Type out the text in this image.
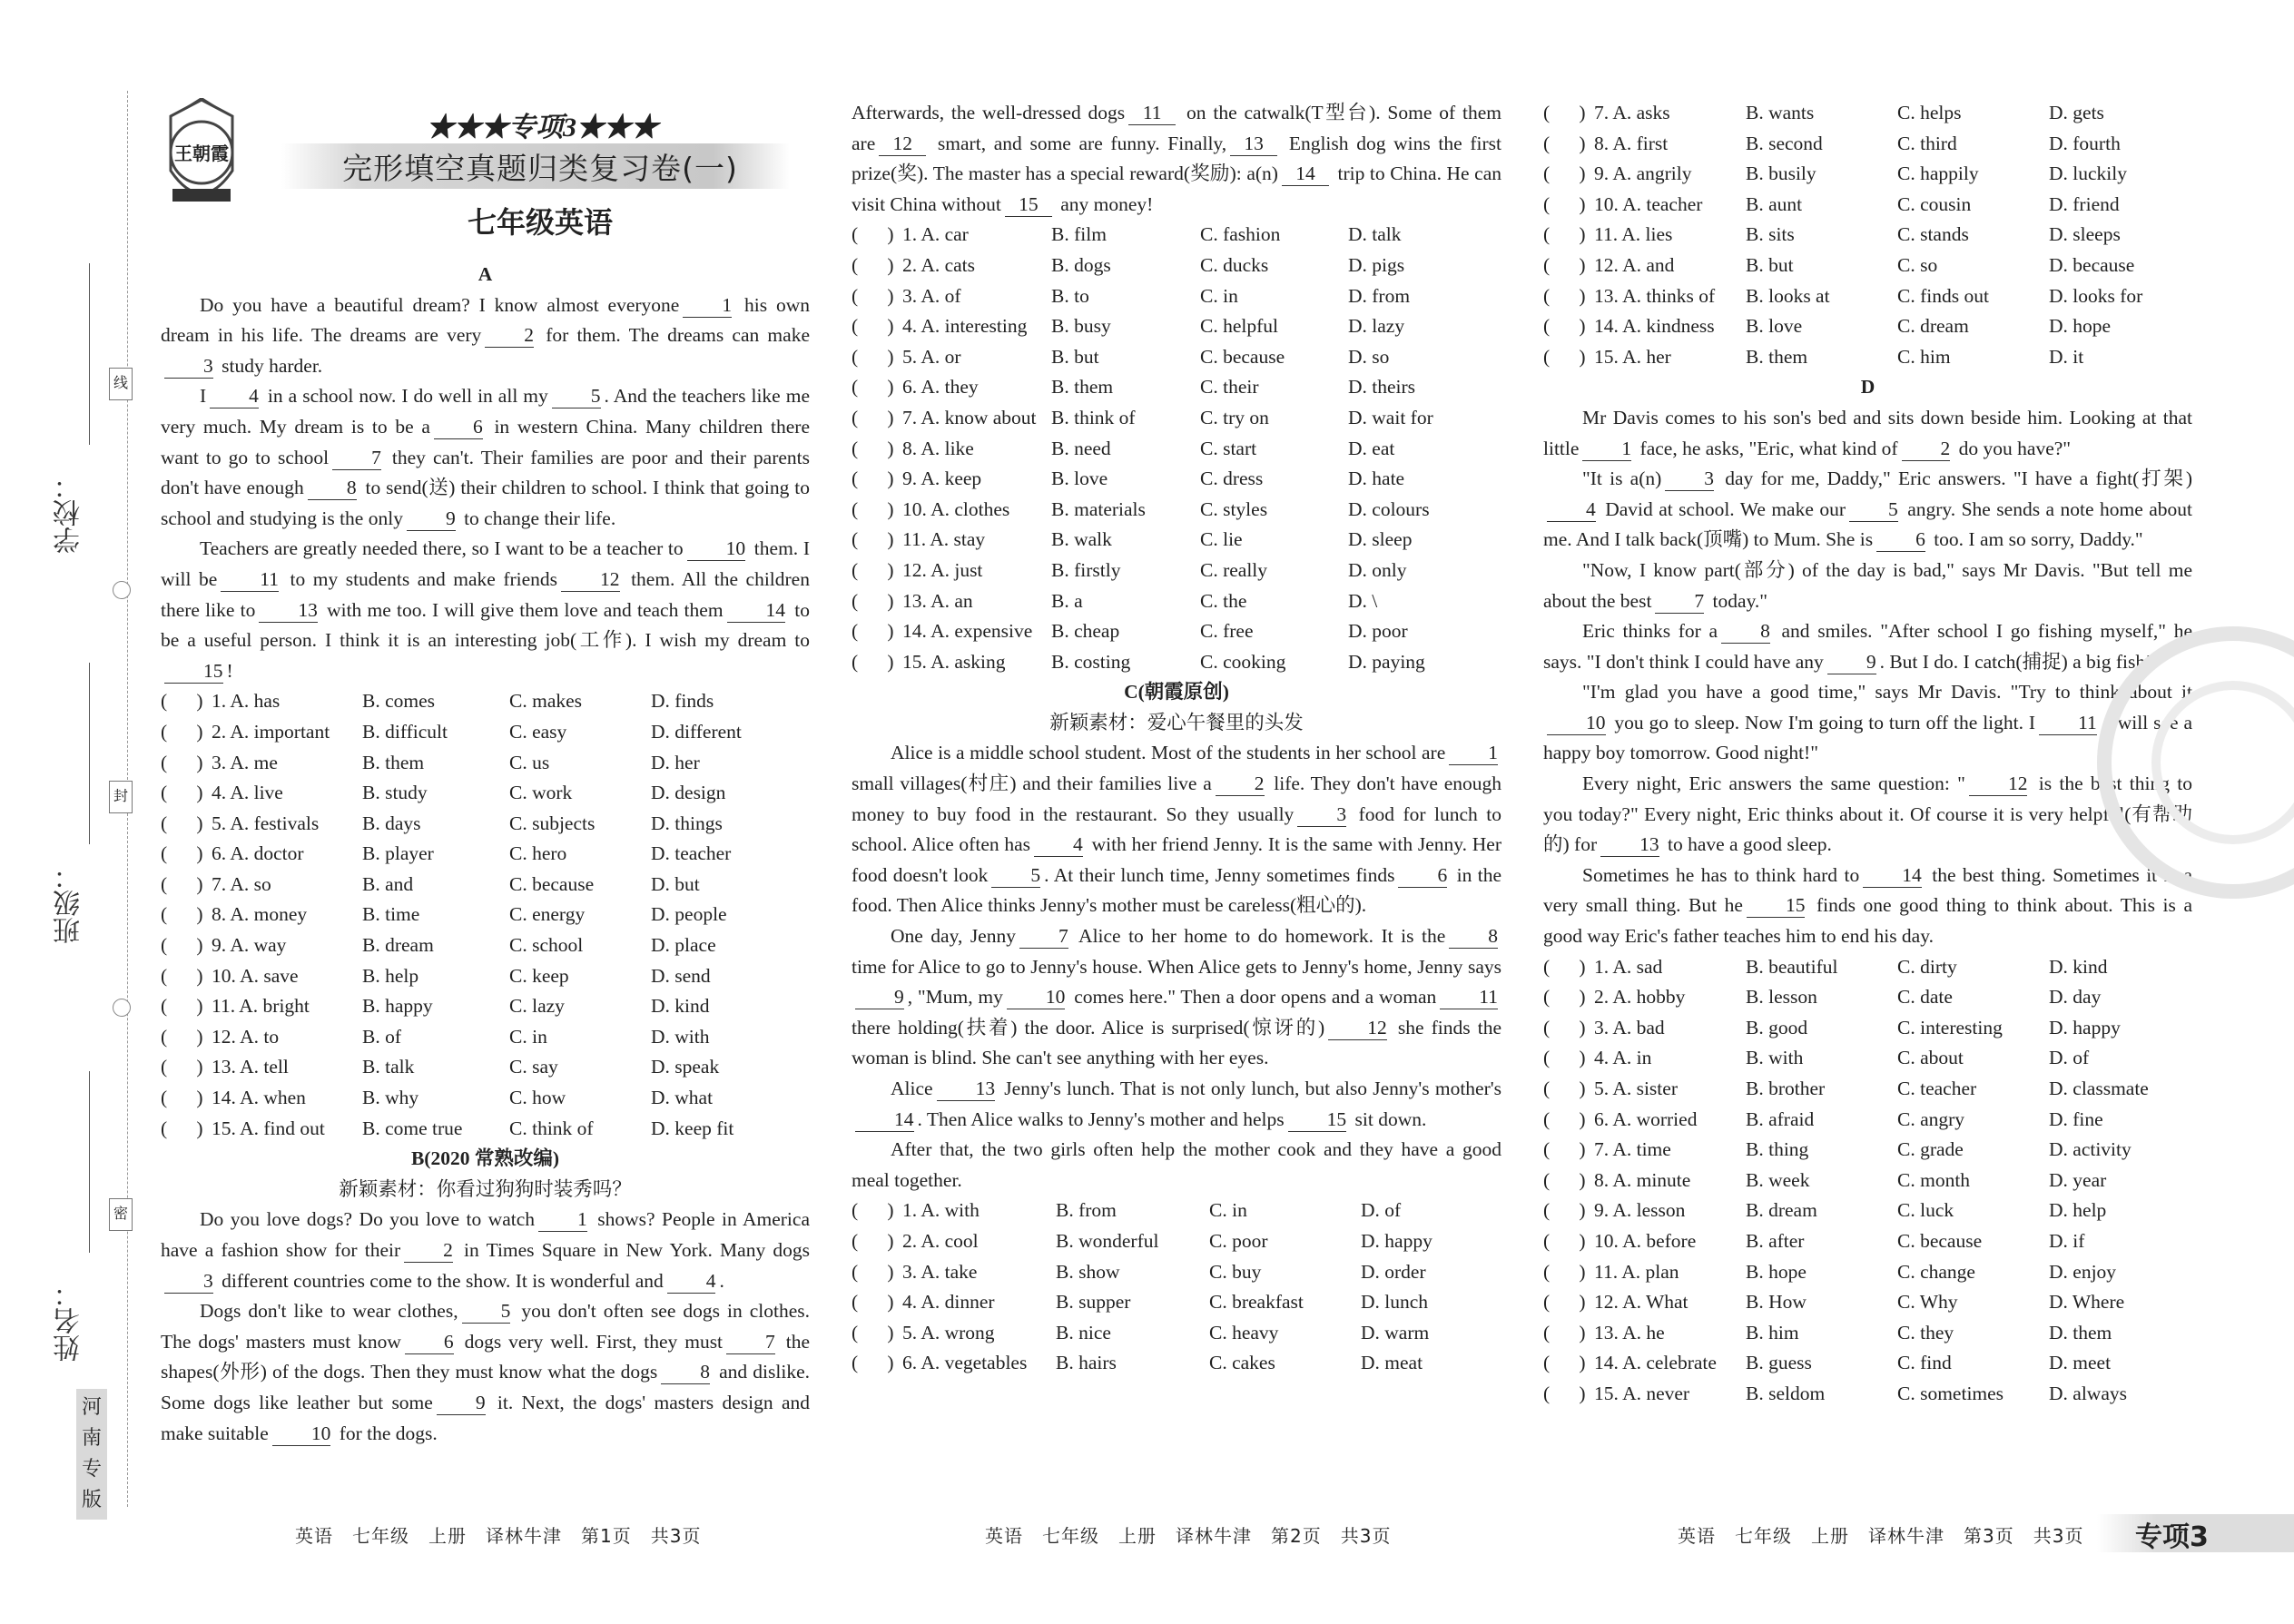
学校：
班级：
姓名：
线
封
密
河南专版
王朝霞
★★★专项3★★★
完形填空真题归类复习卷(一)
七年级英语

A

Do you have a beautiful dream? I know almost everyone 1 his own dream in his life. The dreams are very 2 for them. The dreams can make3 study harder.

I 4 in a school now. I do well in all my 5 . And the teachers like me very much. My dream is to be a 6 in western China. Many children there want to go to school 7 they can't. Their families are poor and their parents don't have enough 8 to send(送) their children to school. I think that going to school and studying is the only 9 to change their life.

Teachers are greatly needed there, so I want to be a teacher to 10 them. I will be 11 to my students and make friends 12 them. All the children there like to 13 with me too. I will give them love and teach them 14 to be a useful person. I think it is an interesting job(工作). I wish my dream to15 !

(      ) 1. A. has	B. comes	C. makes	D. finds
(      ) 2. A. important	B. difficult	C. easy	D. different
(      ) 3. A. me	B. them	C. us	D. her
(      ) 4. A. live	B. study	C. work	D. design
(      ) 5. A. festivals	B. days	C. subjects	D. things
(      ) 6. A. doctor	B. player	C. hero	D. teacher
(      ) 7. A. so	B. and	C. because	D. but
(      ) 8. A. money	B. time	C. energy	D. people
(      ) 9. A. way	B. dream	C. school	D. place
(      ) 10. A. save	B. help	C. keep	D. send
(      ) 11. A. bright	B. happy	C. lazy	D. kind
(      ) 12. A. to	B. of	C. in	D. with
(      ) 13. A. tell	B. talk	C. say	D. speak
(      ) 14. A. when	B. why	C. how	D. what
(      ) 15. A. find out	B. come true	C. think of	D. keep fit

B(2020 常熟改编)

新颖素材：你看过狗狗时装秀吗？

Do you love dogs? Do you love to watch 1 shows? People in America have a fashion show for their 2 in Times Square in New York. Many dogs3 different countries come to the show. It is wonderful and 4 .

Dogs don't like to wear clothes, 5 you don't often see dogs in clothes. The dogs' masters must know 6 dogs very well. First, they must 7 the shapes(外形) of the dogs. Then they must know what the dogs 8 and dislike. Some dogs like leather but some 9 it. Next, the dogs' masters design and make suitable 10 for the dogs.

Afterwards, the well-dressed dogs 11 on the catwalk(T型台). Some of them are 12 smart, and some are funny. Finally, 13 English dog wins the first prize(奖). The master has a special reward(奖励): a(n) 14 trip to China. He can visit China without 15 any money!

(      ) 1. A. car	B. film	C. fashion	D. talk
(      ) 2. A. cats	B. dogs	C. ducks	D. pigs
(      ) 3. A. of	B. to	C. in	D. from
(      ) 4. A. interesting	B. busy	C. helpful	D. lazy
(      ) 5. A. or	B. but	C. because	D. so
(      ) 6. A. they	B. them	C. their	D. theirs
(      ) 7. A. know about B. think of	C. try on	D. wait for
(      ) 8. A. like	B. need	C. start	D. eat
(      ) 9. A. keep	B. love	C. dress	D. hate
(      ) 10. A. clothes	B. materials	C. styles	D. colours
(      ) 11. A. stay	B. walk	C. lie	D. sleep
(      ) 12. A. just	B. firstly	C. really	D. only
(      ) 13. A. an	B. a	C. the	D. \
(      ) 14. A. expensive B. cheap	C. free	D. poor
(      ) 15. A. asking	B. costing	C. cooking	D. paying

C(朝霞原创)

新颖素材：爱心午餐里的头发

Alice is a middle school student. Most of the students in her school are 1 small villages(村庄) and their families live a 2 life. They don't have enough money to buy food in the restaurant. So they usually 3 food for lunch to school. Alice often has 4 with her friend Jenny. It is the same with Jenny. Her food doesn't look 5 . At their lunch time, Jenny sometimes finds 6 in the food. Then Alice thinks Jenny's mother must be careless(粗心的).

One day, Jenny 7 Alice to her home to do homework. It is the 8 time for Alice to go to Jenny's house. When Alice gets to Jenny's home, Jenny says9 , "Mum, my 10 comes here." Then a door opens and a woman 11 there holding(扶着) the door. Alice is surprised(惊讶的) 12 she finds the woman is blind. She can't see anything with her eyes.

Alice 13 Jenny's lunch. That is not only lunch, but also Jenny's mother's14 . Then Alice walks to Jenny's mother and helps 15 sit down.

After that, the two girls often help the mother cook and they have a good meal together.

(      ) 1. A. with	B. from	C. in	D. of
(      ) 2. A. cool	B. wonderful	C. poor	D. happy
(      ) 3. A. take	B. show	C. buy	D. order
(      ) 4. A. dinner	B. supper	C. breakfast	D. lunch
(      ) 5. A. wrong	B. nice	C. heavy	D. warm
(      ) 6. A. vegetables	B. hairs	C. cakes	D. meat
(      ) 7. A. asks	B. wants	C. helps	D. gets
(      ) 8. A. first	B. second	C. third	D. fourth
(      ) 9. A. angrily	B. busily	C. happily	D. luckily
(      ) 10. A. teacher	B. aunt	C. cousin	D. friend
(      ) 11. A. lies	B. sits	C. stands	D. sleeps
(      ) 12. A. and	B. but	C. so	D. because
(      ) 13. A. thinks of	B. looks at	C. finds out	D. looks for
(      ) 14. A. kindness	B. love	C. dream	D. hope
(      ) 15. A. her	B. them	C. him	D. it

D

Mr Davis comes to his son's bed and sits down beside him. Looking at that little 1 face, he asks, "Eric, what kind of 2 do you have?"

"It is a(n) 3 day for me, Daddy," Eric answers. "I have a fight(打架)4 David at school. We make our 5 angry. She sends a note home about me. And I talk back(顶嘴) to Mum. She is 6 too. I am so sorry, Daddy."

"Now, I know part(部分) of the day is bad," says Mr Davis. "But tell me about the best 7 today."

Eric thinks for a 8 and smiles. "After school I go fishing myself," he says. "I don't think I could have any 9 . But I do. I catch(捕捉) a big fish!"

"I'm glad you have a good time," says Mr Davis. "Try to think about it10 you go to sleep. Now I'm going to turn off the light. I 11 I will see a happy boy tomorrow. Good night!"

Every night, Eric answers the same question: " 12 is the best thing to you today?" Every night, Eric thinks about it. Of course it is very helpful(有帮助的) for 13 to have a good sleep.

Sometimes he has to think hard to 14 the best thing. Sometimes it is a very small thing. But he 15 finds one good thing to think about. This is a good way Eric's father teaches him to end his day.

(      ) 1. A. sad	B. beautiful	C. dirty	D. kind
(      ) 2. A. hobby	B. lesson	C. date	D. day
(      ) 3. A. bad	B. good	C. interesting	D. happy
(      ) 4. A. in	B. with	C. about	D. of
(      ) 5. A. sister	B. brother	C. teacher	D. classmate
(      ) 6. A. worried	B. afraid	C. angry	D. fine
(      ) 7. A. time	B. thing	C. grade	D. activity
(      ) 8. A. minute	B. week	C. month	D. year
(      ) 9. A. lesson	B. dream	C. luck	D. help
(      ) 10. A. before	B. after	C. because	D. if
(      ) 11. A. plan	B. hope	C. change	D. enjoy
(      ) 12. A. What	B. How	C. Why	D. Where
(      ) 13. A. he	B. him	C. they	D. them
(      ) 14. A. celebrate	B. guess	C. find	D. meet
(      ) 15. A. never	B. seldom	C. sometimes	D. always
英语　七年级　上册　译林牛津　第1页　共3页	英语　七年级　上册　译林牛津　第2页　共3页	英语　七年级　上册　译林牛津　第3页　共3页 专项3
